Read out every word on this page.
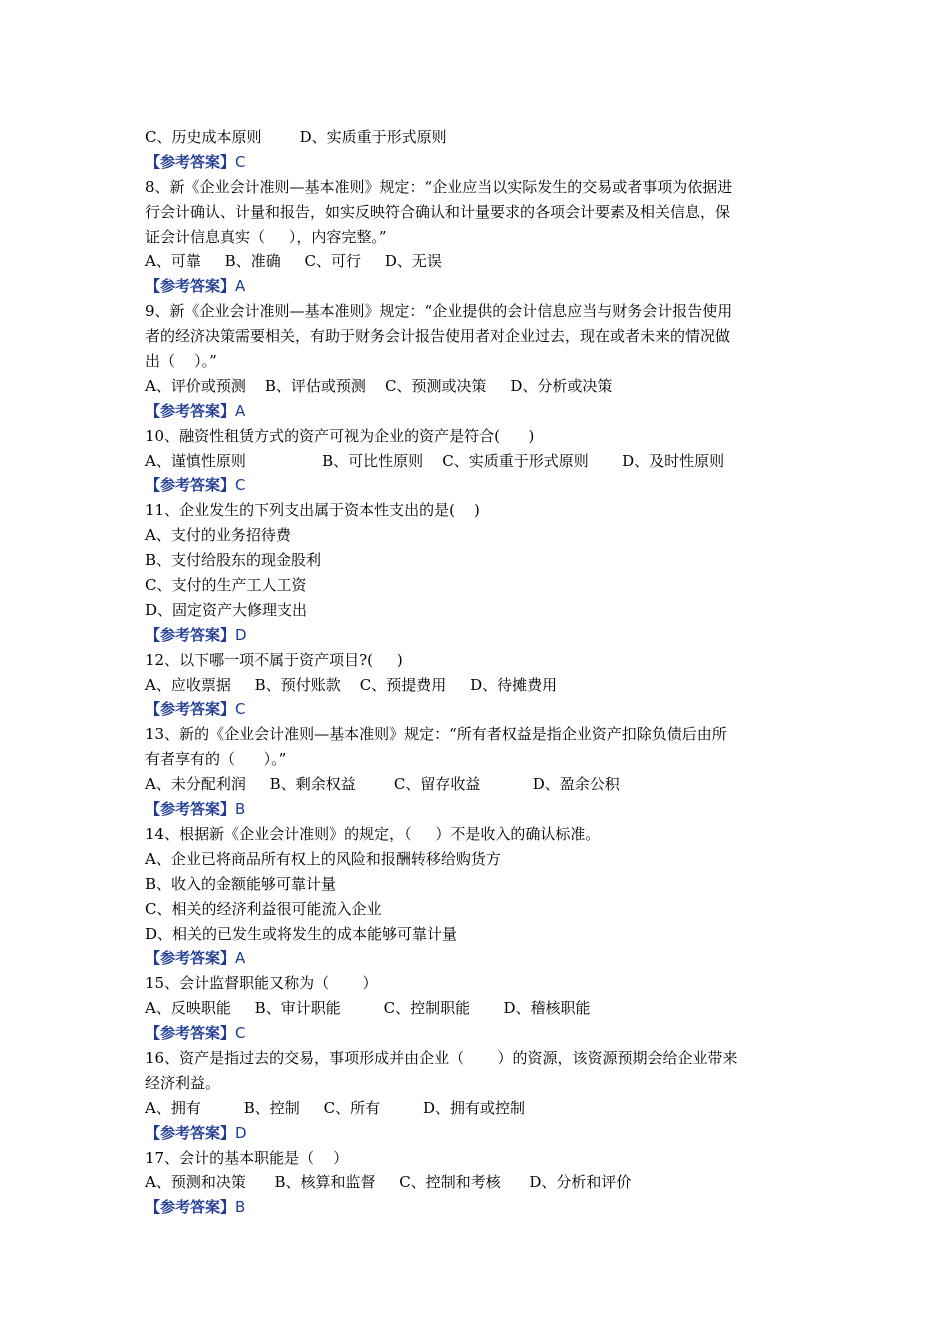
C、历史成本原则        D、实质重于形式原则
【参考答案】C
8、新《企业会计准则—基本准则》规定：“企业应当以实际发生的交易或者事项为依据进
行会计确认、计量和报告，如实反映符合确认和计量要求的各项会计要素及相关信息，保
证会计信息真实（     ），内容完整。”
A、可靠     B、准确     C、可行     D、无误
【参考答案】A
9、新《企业会计准则—基本准则》规定：“企业提供的会计信息应当与财务会计报告使用
者的经济决策需要相关，有助于财务会计报告使用者对企业过去，现在或者未来的情况做
出（    ）。”
A、评价或预测    B、评估或预测    C、预测或决策     D、分析或决策
【参考答案】A
10、融资性租赁方式的资产可视为企业的资产是符合(      )
A、谨慎性原则                B、可比性原则    C、实质重于形式原则       D、及时性原则
【参考答案】C
11、企业发生的下列支出属于资本性支出的是(    )
A、支付的业务招待费
B、支付给股东的现金股利
C、支付的生产工人工资
D、固定资产大修理支出
【参考答案】D
12、以下哪一项不属于资产项目?(     )
A、应收票据     B、预付账款    C、预提费用     D、待摊费用
【参考答案】C
13、新的《企业会计准则—基本准则》规定：“所有者权益是指企业资产扣除负债后由所
有者享有的（      ）。”
A、未分配利润     B、剩余权益        C、留存收益           D、盈余公积
【参考答案】B
14、根据新《企业会计准则》的规定，（     ）不是收入的确认标准。
A、企业已将商品所有权上的风险和报酬转移给购货方
B、收入的金额能够可靠计量
C、相关的经济利益很可能流入企业
D、相关的已发生或将发生的成本能够可靠计量
【参考答案】A
15、会计监督职能又称为（       ）
A、反映职能     B、审计职能         C、控制职能       D、稽核职能
【参考答案】C
16、资产是指过去的交易，事项形成并由企业（       ）的资源，该资源预期会给企业带来
经济利益。
A、拥有         B、控制     C、所有         D、拥有或控制
【参考答案】D
17、会计的基本职能是（    ）
A、预测和决策      B、核算和监督     C、控制和考核      D、分析和评价
【参考答案】B
